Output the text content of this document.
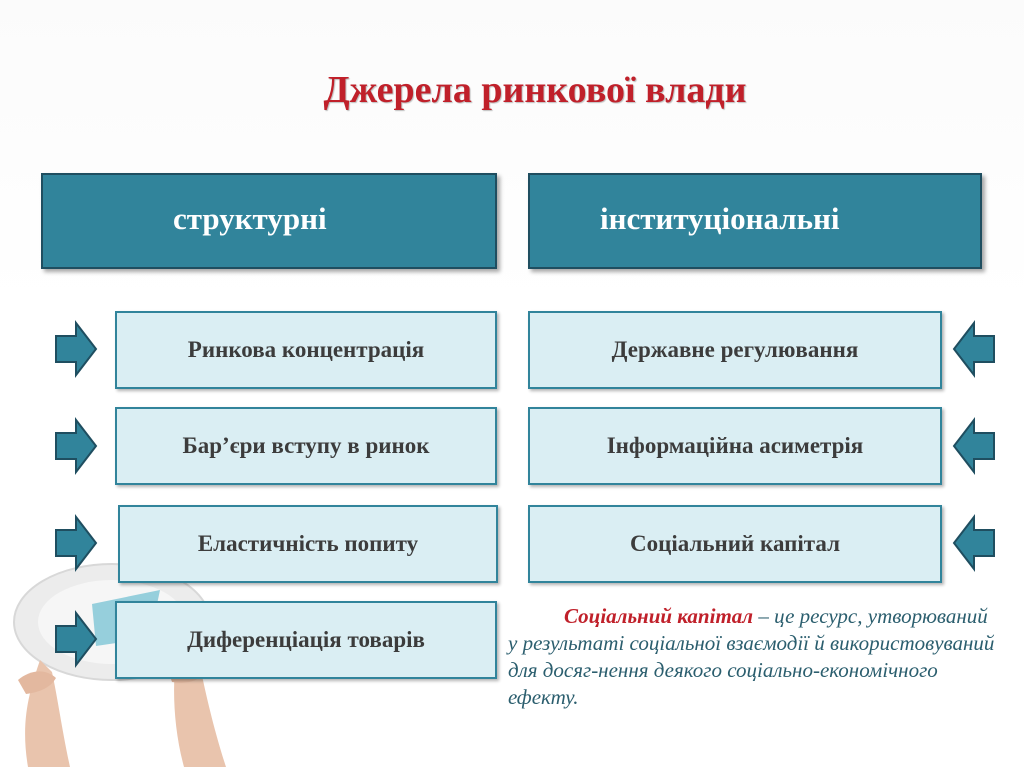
Джерела ринкової влади
структурні	інституціональні
Ринкова концентрація
Бар’єри вступу в ринок
Еластичність попиту
Диференціація товарів
Державне регулювання
Інформаційна асиметрія
Соціальний капітал
Соціальний капітал – це ресурс, утворюваний у результаті соціальної взаємодії й використовуваний для досяг-нення деякого соціально-економічного ефекту.
